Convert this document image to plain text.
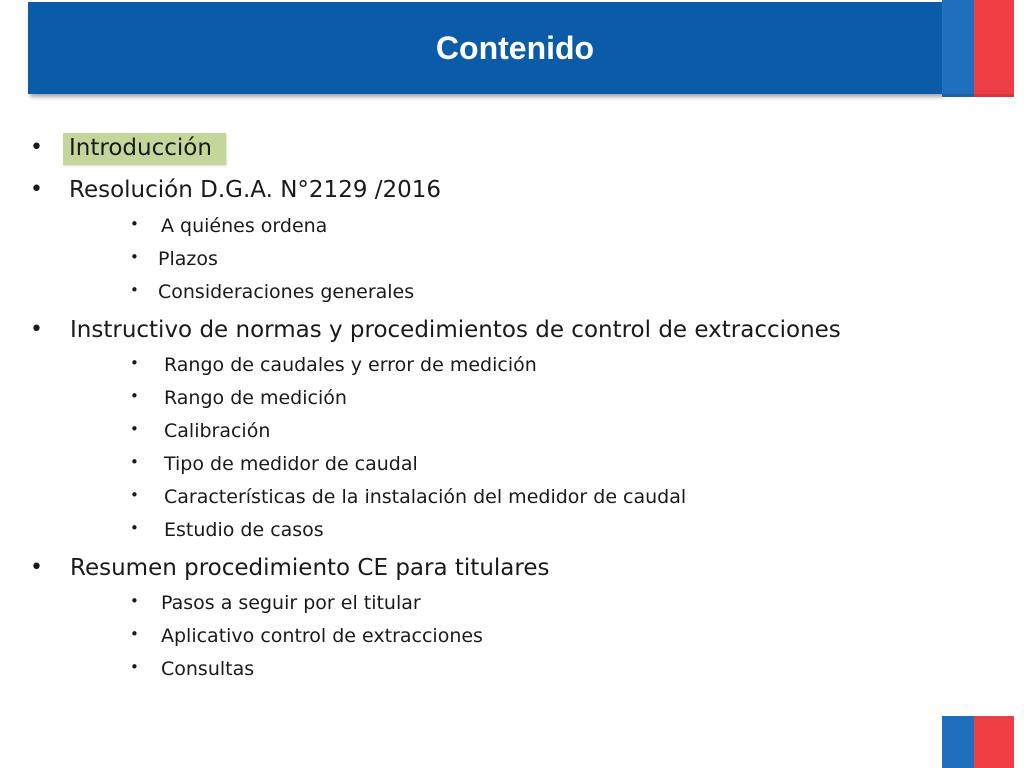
Contenido
• Introducción
• Resolución D.G.A. N°2129 /2016
• A quiénes ordena
• Plazos
• Consideraciones generales
• Instructivo de normas y procedimientos de control de extracciones
• Rango de caudales y error de medición
• Rango de medición
• Calibración
• Tipo de medidor de caudal
• Características de la instalación del medidor de caudal
• Estudio de casos
• Resumen procedimiento CE para titulares
• Pasos a seguir por el titular
• Aplicativo control de extracciones
• Consultas
